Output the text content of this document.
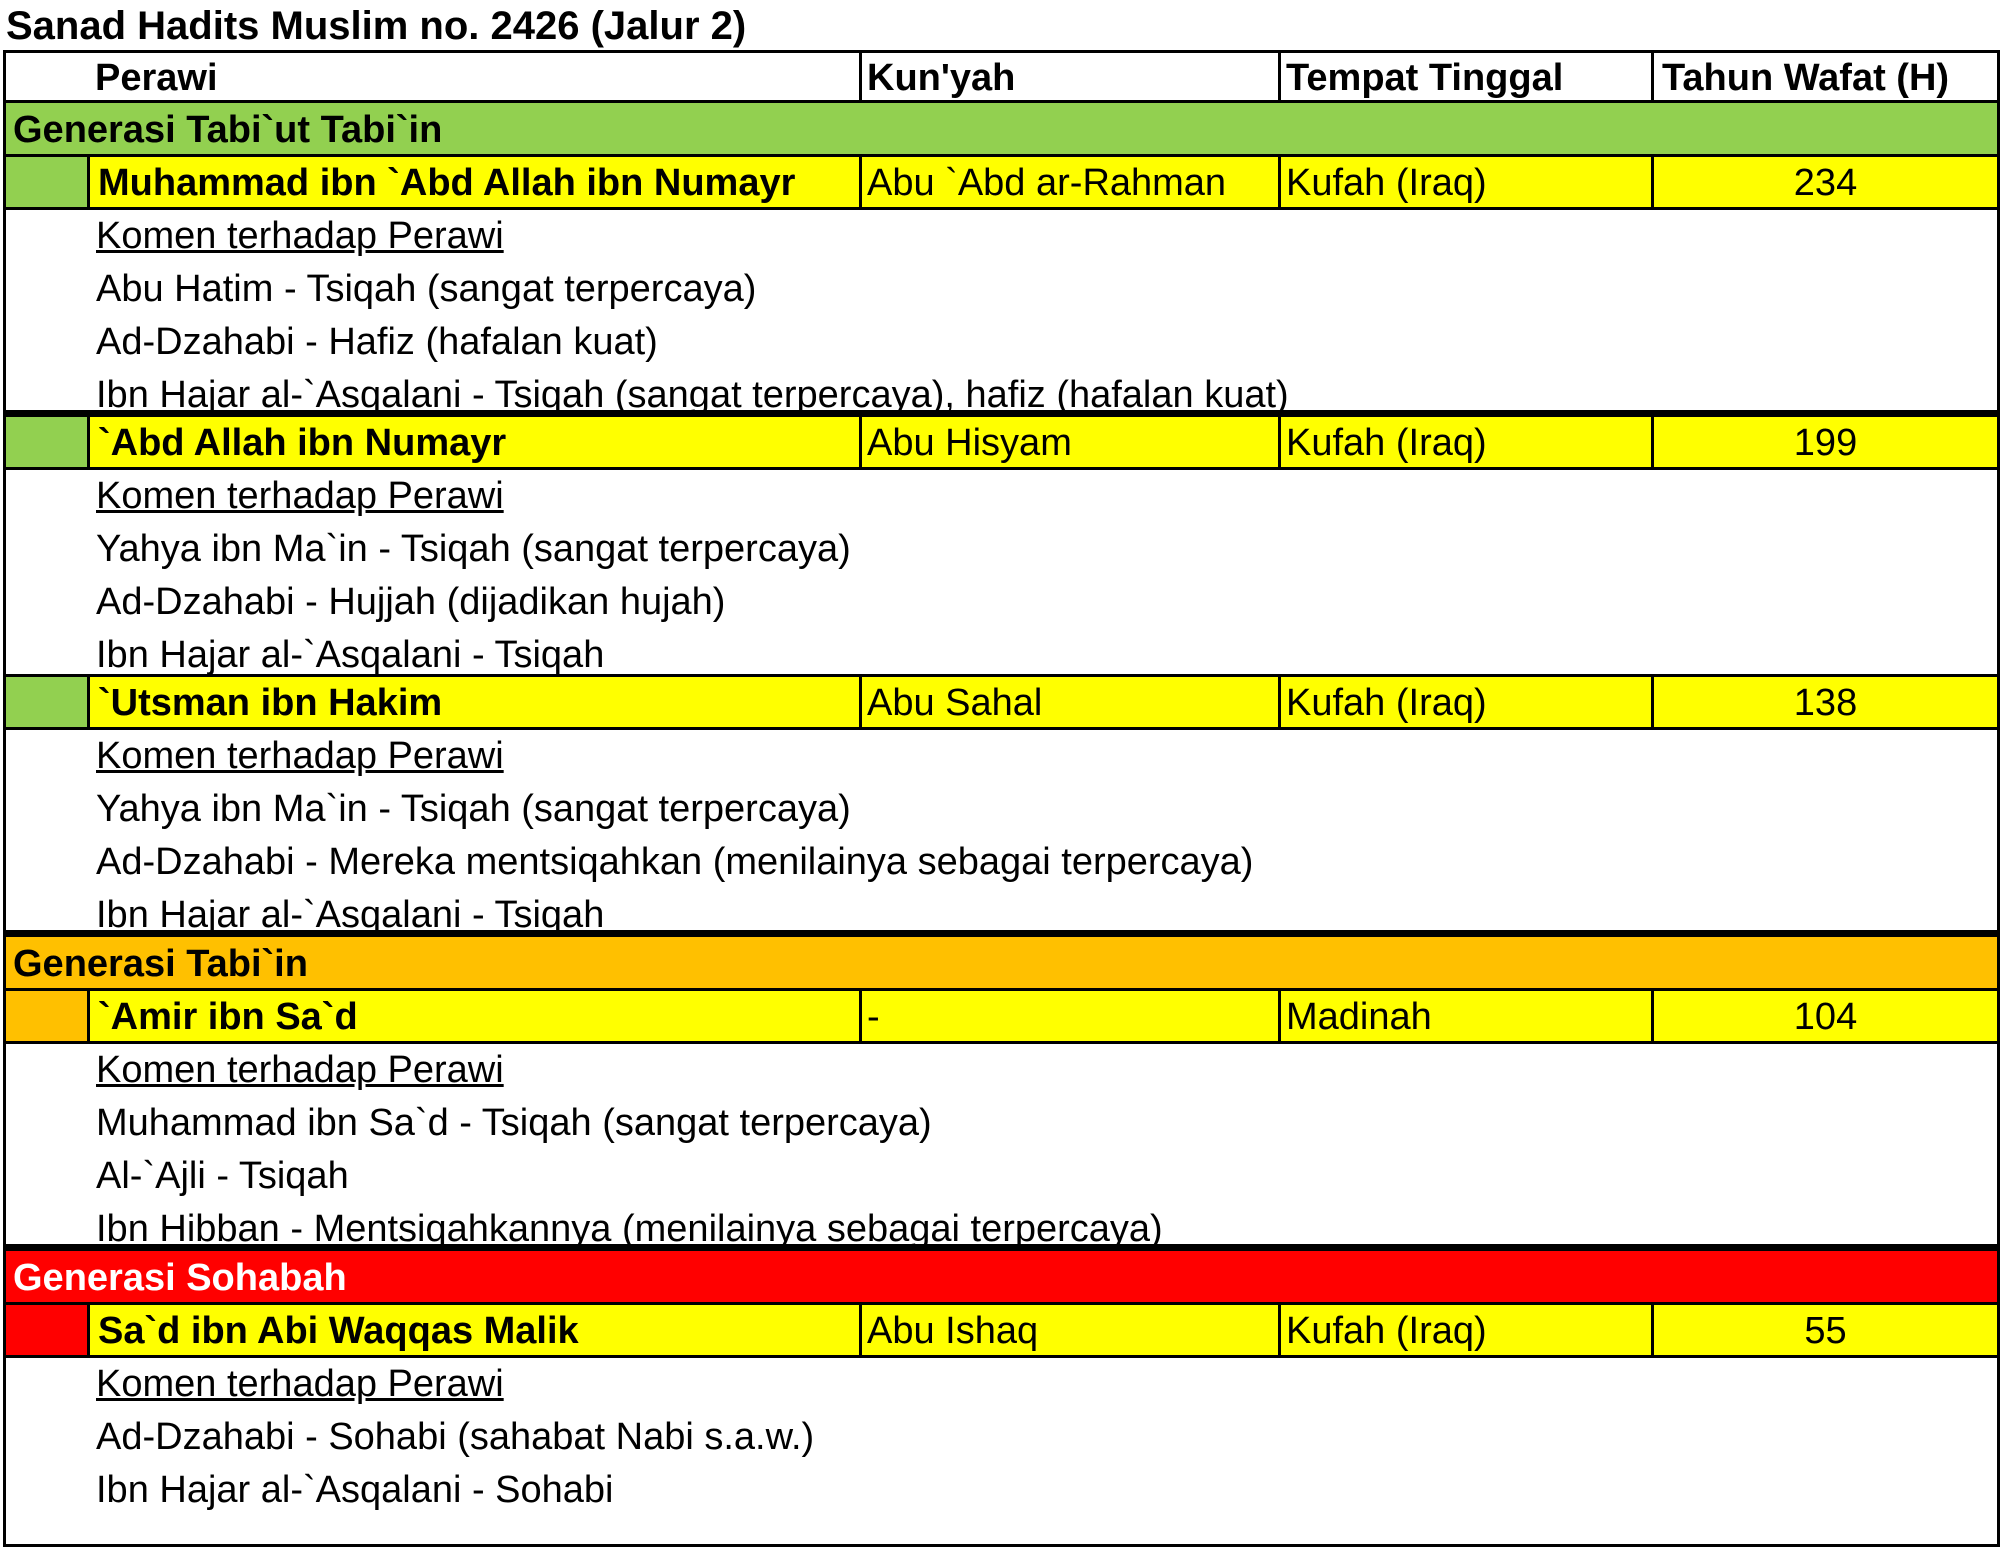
Sanad Hadits Muslim no. 2426 (Jalur 2)
Perawi	Kun'yah	Tempat Tinggal	Tahun Wafat (H)
Generasi Tabi`ut Tabi`in
Muhammad ibn `Abd Allah ibn Numayr	Abu `Abd ar-Rahman	Kufah (Iraq)	234
Komen terhadap Perawi
Abu Hatim - Tsiqah (sangat terpercaya)
Ad-Dzahabi - Hafiz (hafalan kuat)
Ibn Hajar al-`Asqalani - Tsiqah (sangat terpercaya), hafiz (hafalan kuat)
`Abd Allah ibn Numayr	Abu Hisyam	Kufah (Iraq)	199
Komen terhadap Perawi
Yahya ibn Ma`in - Tsiqah (sangat terpercaya)
Ad-Dzahabi - Hujjah (dijadikan hujah)
Ibn Hajar al-`Asqalani - Tsiqah
`Utsman ibn Hakim	Abu Sahal	Kufah (Iraq)	138
Komen terhadap Perawi
Yahya ibn Ma`in - Tsiqah (sangat terpercaya)
Ad-Dzahabi - Mereka mentsiqahkan (menilainya sebagai terpercaya)
Ibn Hajar al-`Asqalani - Tsiqah
Generasi Tabi`in
`Amir ibn Sa`d	-	Madinah	104
Komen terhadap Perawi
Muhammad ibn Sa`d - Tsiqah (sangat terpercaya)
Al-`Ajli - Tsiqah
Ibn Hibban - Mentsiqahkannya (menilainya sebagai terpercaya)
Generasi Sohabah
Sa`d ibn Abi Waqqas Malik	Abu Ishaq	Kufah (Iraq)	55
Komen terhadap Perawi
Ad-Dzahabi - Sohabi (sahabat Nabi s.a.w.)
Ibn Hajar al-`Asqalani - Sohabi
